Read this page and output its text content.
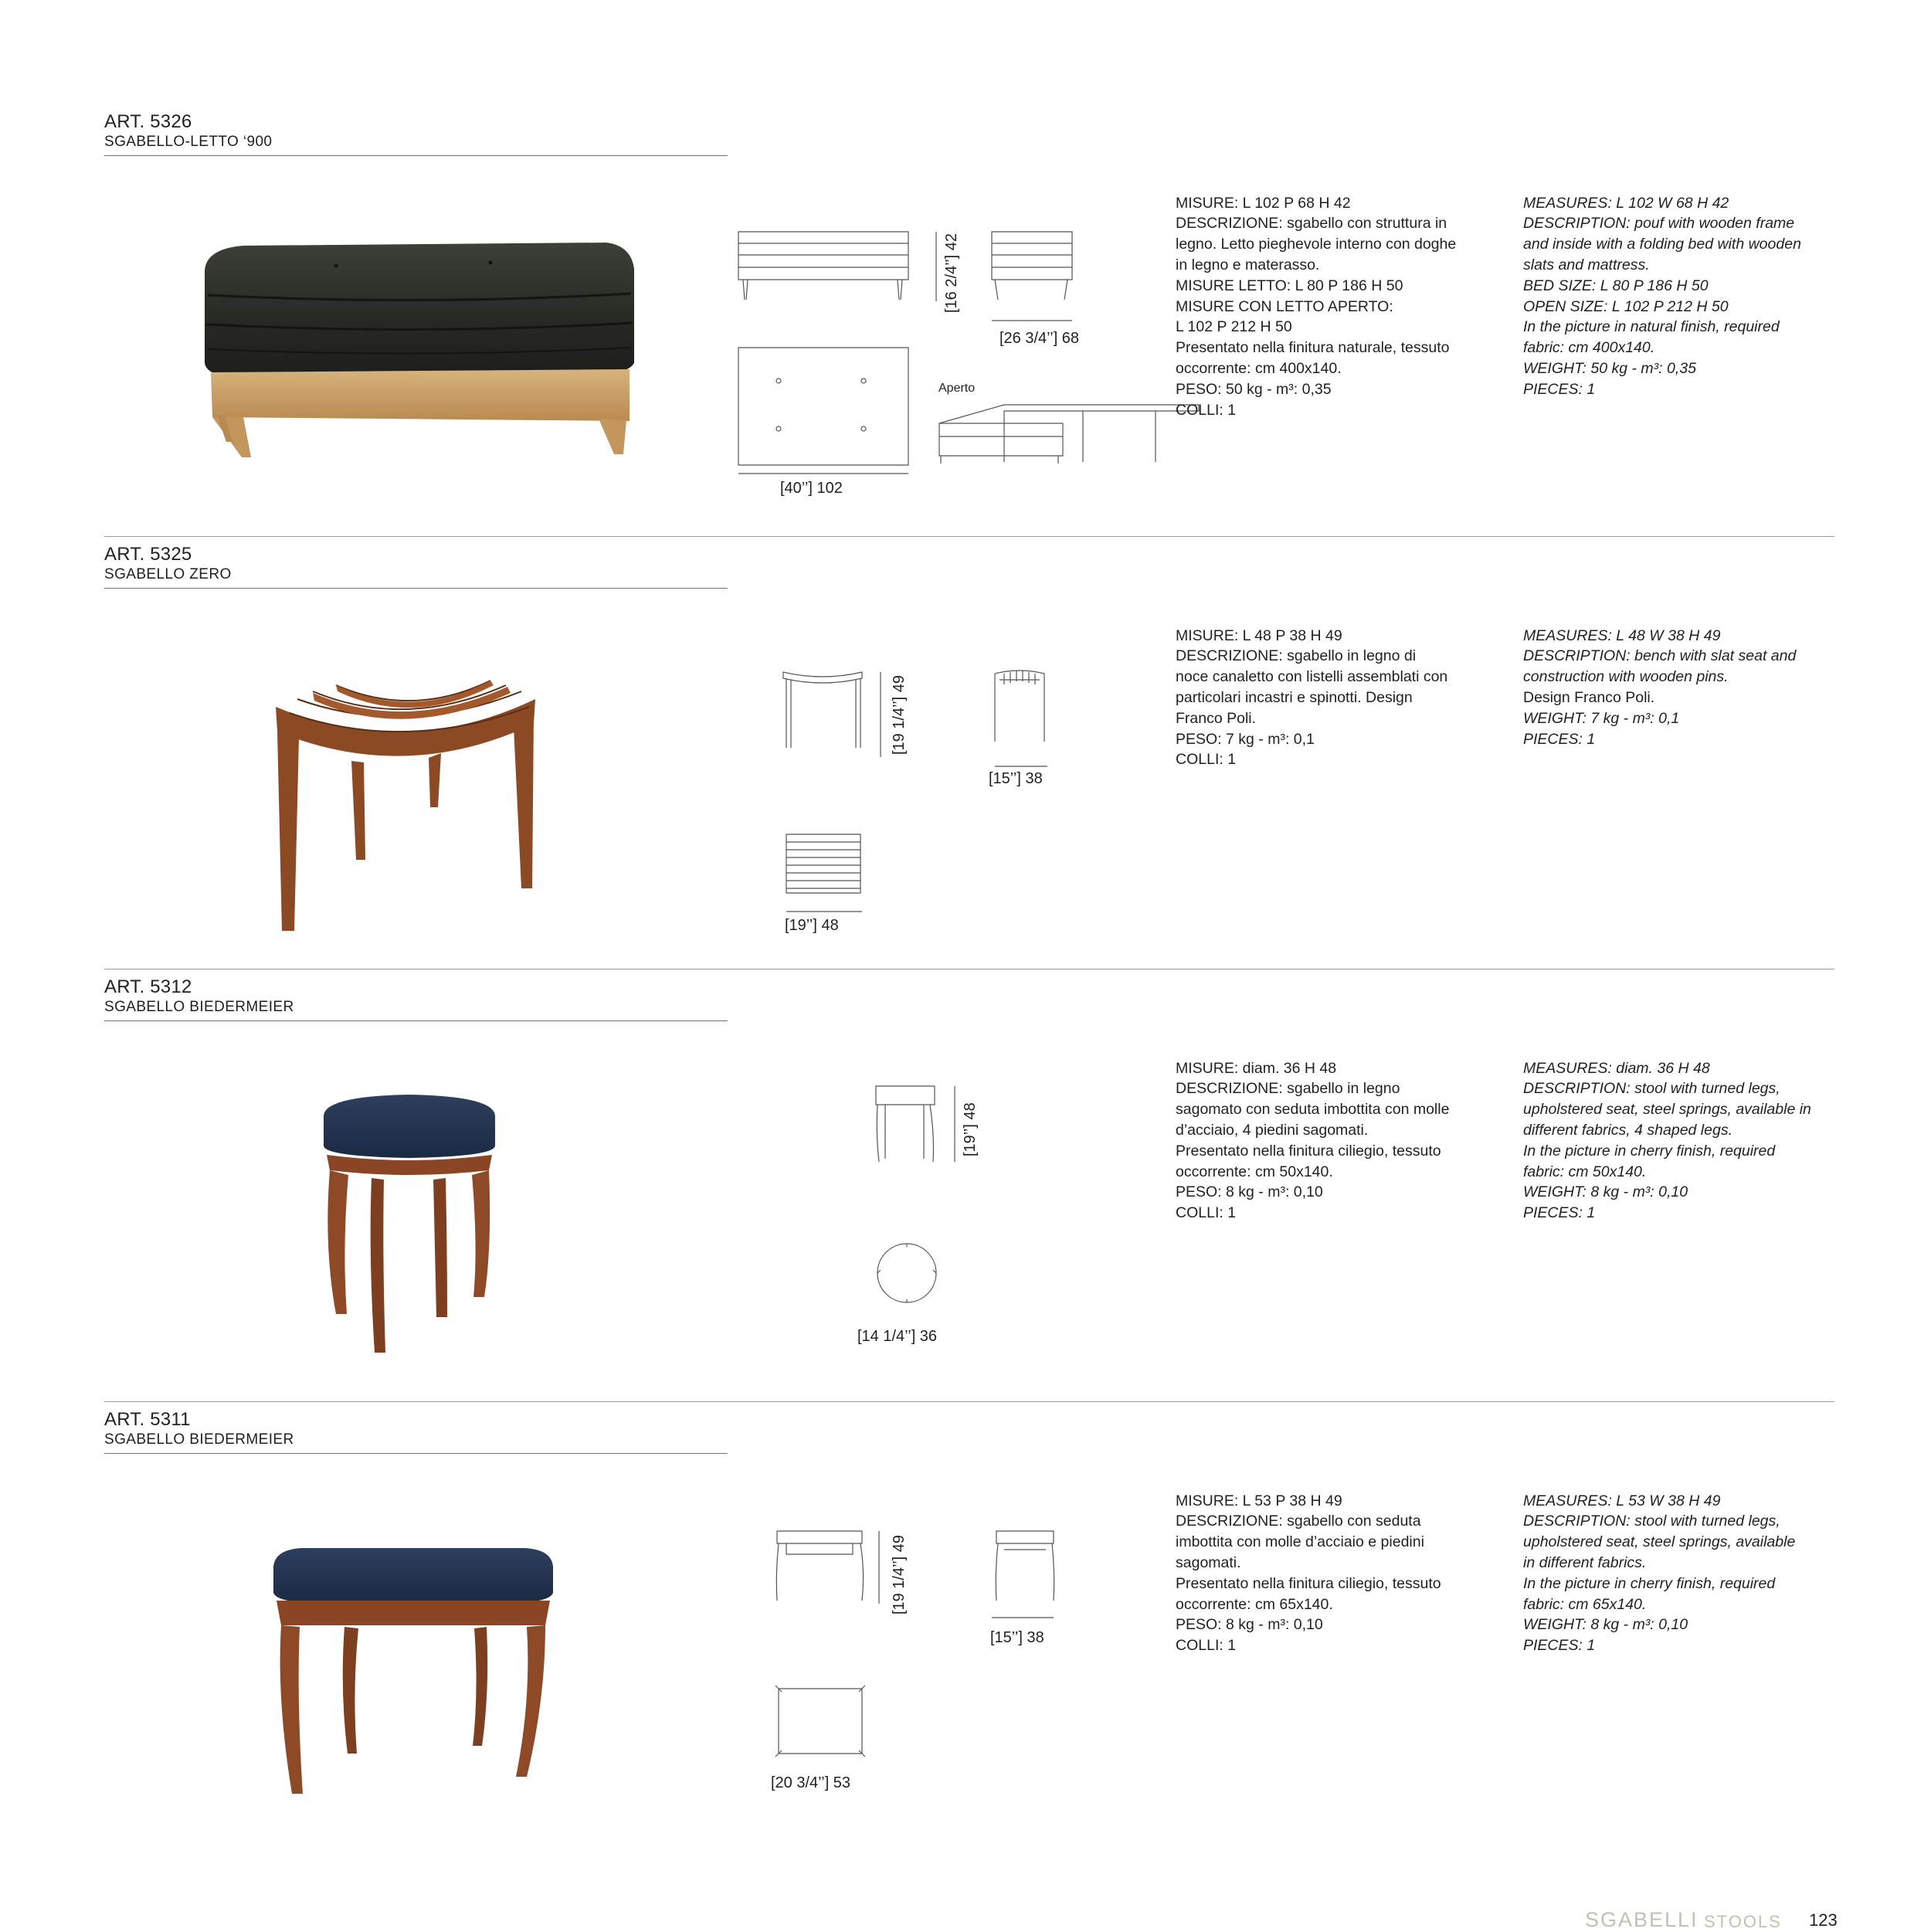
ART. 5326
SGABELLO-LETTO ‘900
[16 2/4’’] 42
[26 3/4’’] 68
[40’’] 102
Aperto

MISURE: L 102 P 68 H 42
DESCRIZIONE: sgabello con struttura in
legno. Letto pieghevole interno con doghe
in legno e materasso.
MISURE LETTO: L 80 P 186 H 50
MISURE CON LETTO APERTO:
L 102 P 212 H 50
Presentato nella finitura naturale, tessuto
occorrente: cm 400x140.
PESO: 50 kg - m³: 0,35
COLLI: 1

MEASURES: L 102 W 68 H 42
DESCRIPTION: pouf with wooden frame
and inside with a folding bed with wooden
slats and mattress.
BED SIZE: L 80 P 186 H 50
OPEN SIZE: L 102 P 212 H 50
In the picture in natural finish, required
fabric: cm 400x140.
WEIGHT: 50 kg - m³: 0,35
PIECES: 1

ART. 5325
SGABELLO ZERO
[19 1/4’’] 49
[15’’] 38
[19’’] 48

MISURE: L 48 P 38 H 49
DESCRIZIONE: sgabello in legno di
noce canaletto con listelli assemblati con
particolari incastri e spinotti. Design
Franco Poli.
PESO: 7 kg - m³: 0,1
COLLI: 1

MEASURES: L 48 W 38 H 49
DESCRIPTION: bench with slat seat and
construction with wooden pins.
Design Franco Poli.
WEIGHT: 7 kg - m³: 0,1
PIECES: 1

ART. 5312
SGABELLO BIEDERMEIER
[19’’] 48
[14 1/4’’] 36

MISURE: diam. 36 H 48
DESCRIZIONE: sgabello in legno
sagomato con seduta imbottita con molle
d’acciaio, 4 piedini sagomati.
Presentato nella finitura ciliegio, tessuto
occorrente: cm 50x140.
PESO: 8 kg - m³: 0,10
COLLI: 1

MEASURES: diam. 36 H 48
DESCRIPTION: stool with turned legs,
upholstered seat, steel springs, available in
different fabrics, 4 shaped legs.
In the picture in cherry finish, required
fabric: cm 50x140.
WEIGHT: 8 kg - m³: 0,10
PIECES: 1

ART. 5311
SGABELLO BIEDERMEIER
[19 1/4’’] 49
[15’’] 38
[20 3/4’’] 53

MISURE: L 53 P 38 H 49
DESCRIZIONE: sgabello con seduta
imbottita con molle d’acciaio e piedini
sagomati.
Presentato nella finitura ciliegio, tessuto
occorrente: cm 65x140.
PESO: 8 kg - m³: 0,10
COLLI: 1

MEASURES: L 53 W 38 H 49
DESCRIPTION: stool with turned legs,
upholstered seat, steel springs, available
in different fabrics.
In the picture in cherry finish, required
fabric: cm 65x140.
WEIGHT: 8 kg - m³: 0,10
PIECES: 1

SGABELLI STOOLS 123
